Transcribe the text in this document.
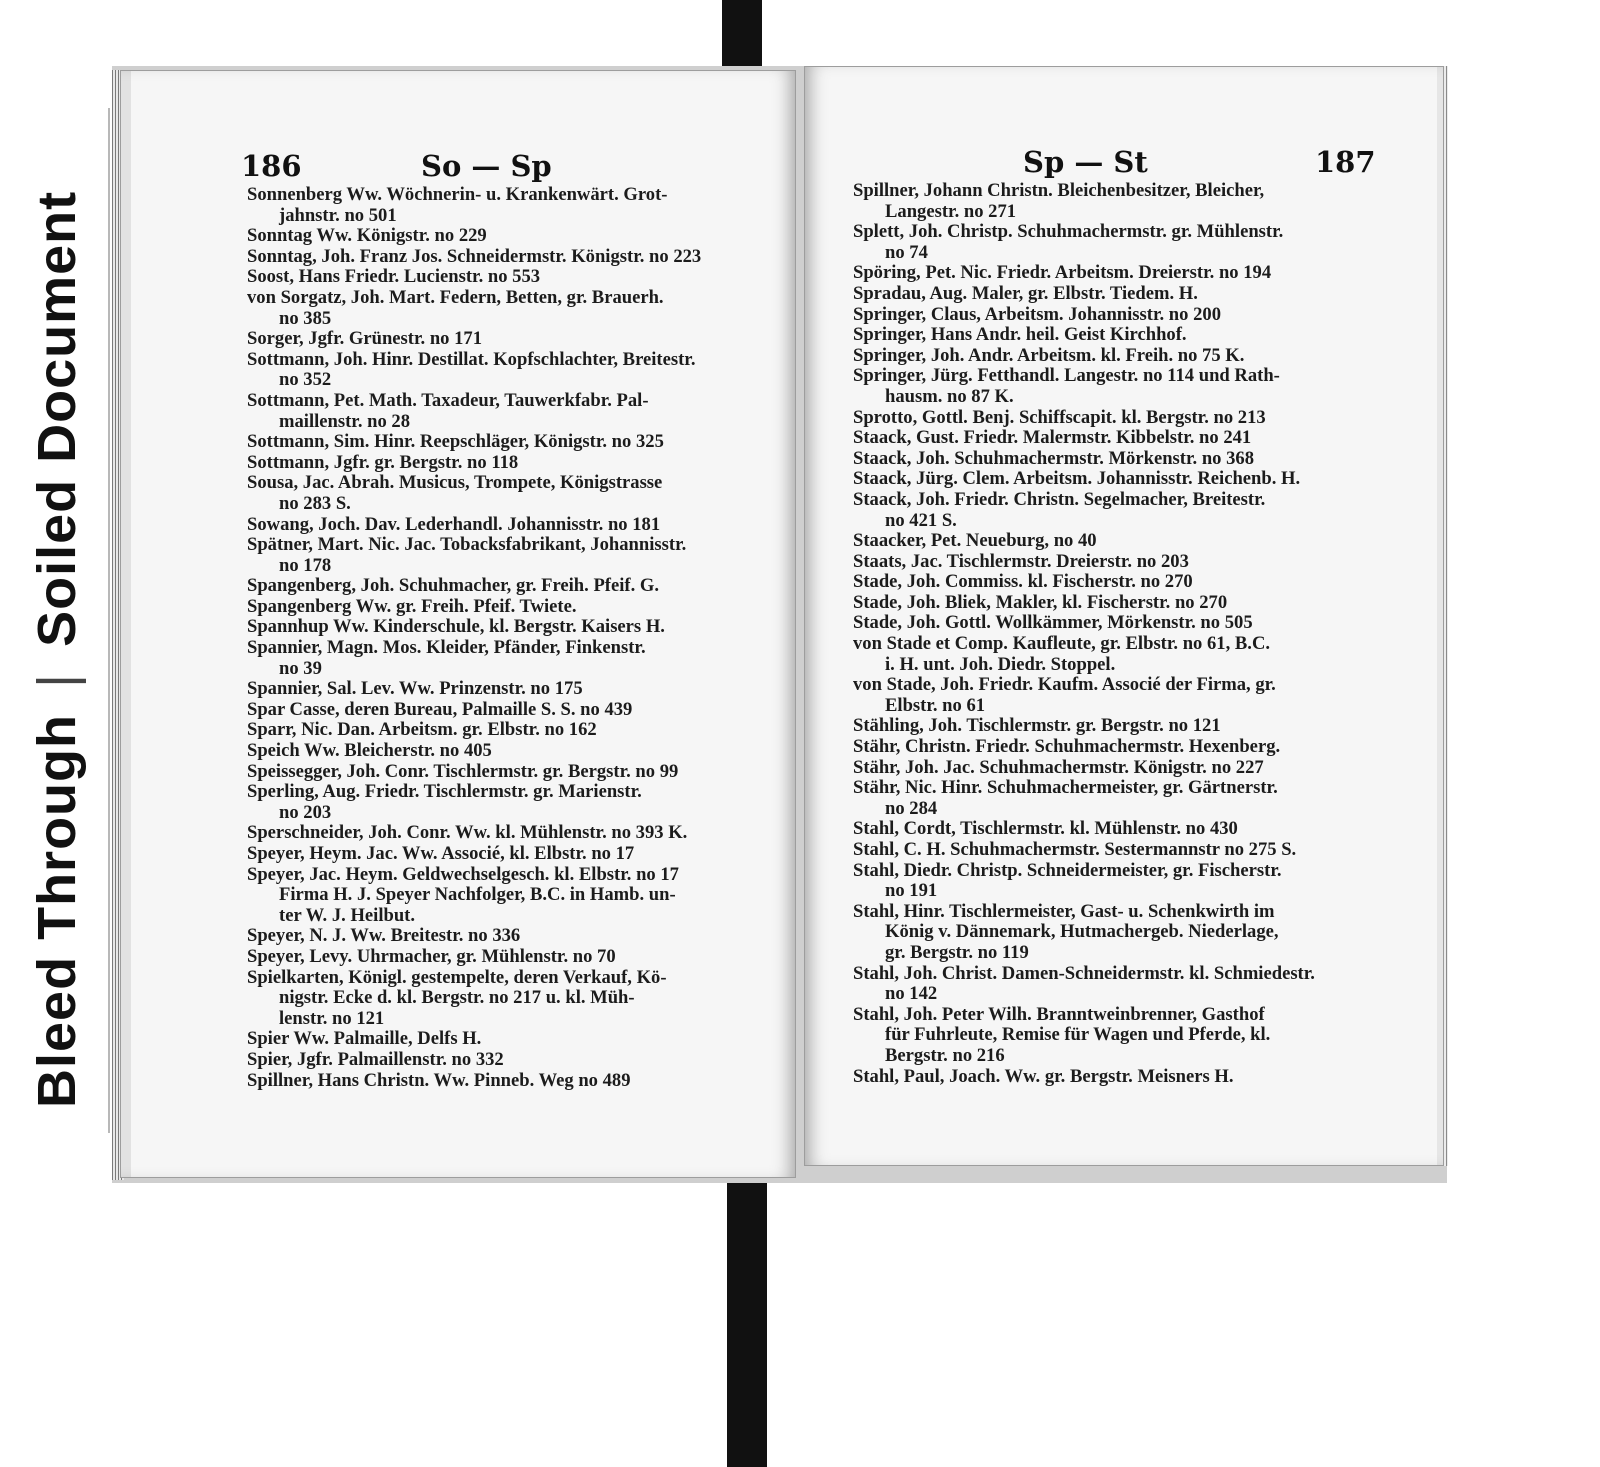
186	So — Sp
Sonnenberg Ww. Wöchnerin- u. Krankenwärt. Grot-
jahnstr. no 501
Sonntag Ww. Königstr. no 229
Sonntag, Joh. Franz Jos. Schneidermstr. Königstr. no 223
Soost, Hans Friedr. Lucienstr. no 553
von Sorgatz, Joh. Mart. Federn, Betten, gr. Brauerh.
no 385
Sorger, Jgfr. Grünestr. no 171
Sottmann, Joh. Hinr. Destillat. Kopfschlachter, Breitestr.
no 352
Sottmann, Pet. Math. Taxadeur, Tauwerkfabr. Pal-
maillenstr. no 28
Sottmann, Sim. Hinr. Reepschläger, Königstr. no 325
Sottmann, Jgfr. gr. Bergstr. no 118
Sousa, Jac. Abrah. Musicus, Trompete, Königstrasse
no 283 S.
Sowang, Joch. Dav. Lederhandl. Johannisstr. no 181
Spätner, Mart. Nic. Jac. Tobacksfabrikant, Johannisstr.
no 178
Spangenberg, Joh. Schuhmacher, gr. Freih. Pfeif. G.
Spangenberg Ww. gr. Freih. Pfeif. Twiete.
Spannhup Ww. Kinderschule, kl. Bergstr. Kaisers H.
Spannier, Magn. Mos. Kleider, Pfänder, Finkenstr.
no 39
Spannier, Sal. Lev. Ww. Prinzenstr. no 175
Spar Casse, deren Bureau, Palmaille S. S. no 439
Sparr, Nic. Dan. Arbeitsm. gr. Elbstr. no 162
Speich Ww. Bleicherstr. no 405
Speissegger, Joh. Conr. Tischlermstr. gr. Bergstr. no 99
Sperling, Aug. Friedr. Tischlermstr. gr. Marienstr.
no 203
Sperschneider, Joh. Conr. Ww. kl. Mühlenstr. no 393 K.
Speyer, Heym. Jac. Ww. Associé, kl. Elbstr. no 17
Speyer, Jac. Heym. Geldwechselgesch. kl. Elbstr. no 17
Firma H. J. Speyer Nachfolger, B.C. in Hamb. un-
ter W. J. Heilbut.
Speyer, N. J. Ww. Breitestr. no 336
Speyer, Levy. Uhrmacher, gr. Mühlenstr. no 70
Spielkarten, Königl. gestempelte, deren Verkauf, Kö-
nigstr. Ecke d. kl. Bergstr. no 217 u. kl. Müh-
lenstr. no 121
Spier Ww. Palmaille, Delfs H.
Spier, Jgfr. Palmaillenstr. no 332
Spillner, Hans Christn. Ww. Pinneb. Weg no 489
Sp — St	187
Spillner, Johann Christn. Bleichenbesitzer, Bleicher,
Langestr. no 271
Splett, Joh. Christp. Schuhmachermstr. gr. Mühlenstr.
no 74
Spöring, Pet. Nic. Friedr. Arbeitsm. Dreierstr. no 194
Spradau, Aug. Maler, gr. Elbstr. Tiedem. H.
Springer, Claus, Arbeitsm. Johannisstr. no 200
Springer, Hans Andr. heil. Geist Kirchhof.
Springer, Joh. Andr. Arbeitsm. kl. Freih. no 75 K.
Springer, Jürg. Fetthandl. Langestr. no 114 und Rath-
hausm. no 87 K.
Sprotto, Gottl. Benj. Schiffscapit. kl. Bergstr. no 213
Staack, Gust. Friedr. Malermstr. Kibbelstr. no 241
Staack, Joh. Schuhmachermstr. Mörkenstr. no 368
Staack, Jürg. Clem. Arbeitsm. Johannisstr. Reichenb. H.
Staack, Joh. Friedr. Christn. Segelmacher, Breitestr.
no 421 S.
Staacker, Pet. Neueburg, no 40
Staats, Jac. Tischlermstr. Dreierstr. no 203
Stade, Joh. Commiss. kl. Fischerstr. no 270
Stade, Joh. Bliek, Makler, kl. Fischerstr. no 270
Stade, Joh. Gottl. Wollkämmer, Mörkenstr. no 505
von Stade et Comp. Kaufleute, gr. Elbstr. no 61, B.C.
i. H. unt. Joh. Diedr. Stoppel.
von Stade, Joh. Friedr. Kaufm. Associé der Firma, gr.
Elbstr. no 61
Stähling, Joh. Tischlermstr. gr. Bergstr. no 121
Stähr, Christn. Friedr. Schuhmachermstr. Hexenberg.
Stähr, Joh. Jac. Schuhmachermstr. Königstr. no 227
Stähr, Nic. Hinr. Schuhmachermeister, gr. Gärtnerstr.
no 284
Stahl, Cordt, Tischlermstr. kl. Mühlenstr. no 430
Stahl, C. H. Schuhmachermstr. Sestermannstr no 275 S.
Stahl, Diedr. Christp. Schneidermeister, gr. Fischerstr.
no 191
Stahl, Hinr. Tischlermeister, Gast- u. Schenkwirth im
König v. Dännemark, Hutmachergeb. Niederlage,
gr. Bergstr. no 119
Stahl, Joh. Christ. Damen-Schneidermstr. kl. Schmiedestr.
no 142
Stahl, Joh. Peter Wilh. Branntweinbrenner, Gasthof
für Fuhrleute, Remise für Wagen und Pferde, kl.
Bergstr. no 216
Stahl, Paul, Joach. Ww. gr. Bergstr. Meisners H.
Bleed Through | Soiled Document
